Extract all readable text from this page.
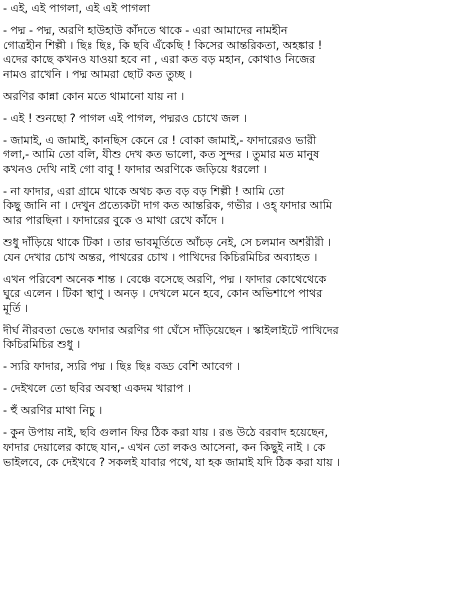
- এই, এই পাগলা, এই এই পাগলা
- পদ্ম - পদ্ম, অরণি হাউহাউ কাঁদতে থাকে - এরা আমাদের নামহীন
গোত্রহীন শিল্পী । ছিঃ ছিঃ, কি ছবি এঁকেছি ! কিসের আন্তরিকতা, অহঙ্কার !
এদের কাছে কখনও যাওয়া হবে না , এরা কত বড় মহান, কোথাও নিজের
নামও রাখেনি । পদ্ম আমরা ছোট কত তুচ্ছ ।
অরণির কান্না কোন মতে থামানো যায় না ।
- এই ! শুনছো ? পাগল এই পাগল, পদ্মরও চোখে জল ।
- জামাই, এ জামাই, কানছিস কেনে রে ! বোকা জামাই,- ফাদারেরও ভারী
গলা,- আমি তো বলি, যীশু দেখ কত ভালো, কত সুন্দর । তুমার মত মানুষ
কখনও দেখি নাই গো বাবু ! ফাদার অরণিকে জড়িয়ে ধরলো ।
- না ফাদার, এরা গ্রামে থাকে অথচ কত বড় বড় শিল্পী ! আমি তো
কিছু জানি না । দেখুন প্রত্যেকটা দাগ কত আন্তরিক, গভীর । ওহ্ ফাদার আমি
আর পারছিনা । ফাদারের বুকে ও মাথা রেখে কাঁদে ।
শুধু দাঁড়িয়ে থাকে টিকা । তার ভাবমূর্তিতে আঁচড় নেই, সে চলমান অশরীরী ।
যেন দেখার চোখ অন্তর, পাথরের চোখ । পাখিদের কিচিরমিচির অব্যাহত ।
এখন পরিবেশ অনেক শান্ত । বেঞ্চে বসেছে অরণি, পদ্ম । ফাদার কোথেথেকে
ঘুরে এলেন । টিকা স্থাণু । অনড় । দেখলে মনে হবে, কোন অভিশাপে পাথর
মূর্তি ।
দীর্ঘ নীরবতা ভেঙে ফাদার অরণির গা ঘেঁসে দাঁড়িয়েছেন । স্কাইলাইটে পাখিদের
কিচিরমিচির শুধু ।
- স্যরি ফাদার, স্যরি পদ্ম । ছিঃ ছিঃ বড্ড বেশি আবেগ ।
- দেইখলে তো ছবির অবস্থা একদম খারাপ ।
- হুঁ অরণির মাথা নিচু ।
- কুন উপায় নাই, ছবি গুলান ফির ঠিক করা যায় । রঙ উঠে বরবাদ হয়েছেন,
ফাদার দেয়ালের কাছে যান,- এখন তো লকও আসেনা, কন কিছুই নাই । কে
ভাইলবে, কে দেইখবে ? সকলই যাবার পথে, যা হক জামাই যদি ঠিক করা যায় ।
